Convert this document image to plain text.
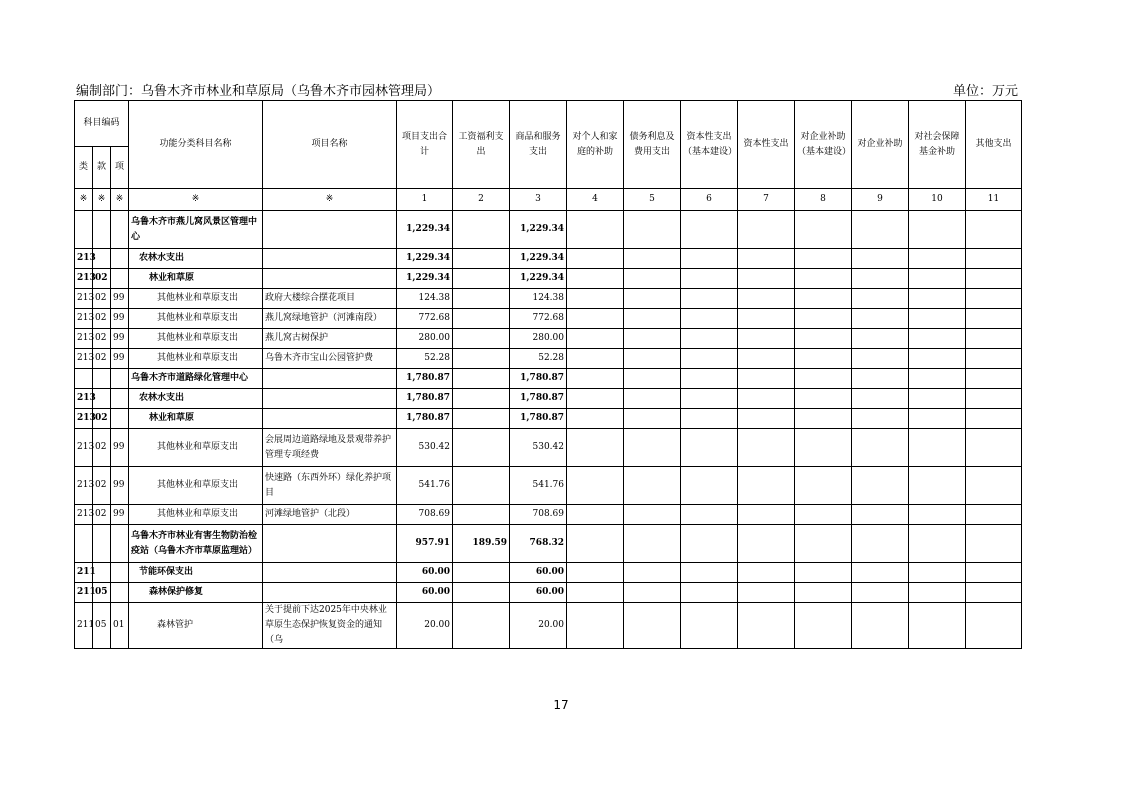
编制部门：乌鲁木齐市林业和草原局（乌鲁木齐市园林管理局）	单位：万元
科目编码			功能分类科目名称	项目名称	项目支出合计	工资福利支出	商品和服务支出	对个人和家庭的补助	债务利息及费用支出	资本性支出（基本建设）	资本性支出	对企业补助（基本建设）	对企业补助	对社会保障基金补助	其他支出
类	款	项													
※	※	※	※	※	1	2	3	4	5	6	7	8	9	10	11
			乌鲁木齐市燕儿窝风景区管理中心		1,229.34		1,229.34								
213			农林水支出		1,229.34		1,229.34								
213	02		林业和草原		1,229.34		1,229.34								
213	02	99	其他林业和草原支出	政府大楼综合摆花项目	124.38		124.38								
213	02	99	其他林业和草原支出	燕儿窝绿地管护（河滩南段）	772.68		772.68								
213	02	99	其他林业和草原支出	燕儿窝古树保护	280.00		280.00								
213	02	99	其他林业和草原支出	乌鲁木齐市宝山公园管护费	52.28		52.28								
			乌鲁木齐市道路绿化管理中心		1,780.87		1,780.87								
213			农林水支出		1,780.87		1,780.87								
213	02		林业和草原		1,780.87		1,780.87								
213	02	99	其他林业和草原支出	会展周边道路绿地及景观带养护管理专项经费	530.42		530.42								
213	02	99	其他林业和草原支出	快速路（东西外环）绿化养护项目	541.76		541.76								
213	02	99	其他林业和草原支出	河滩绿地管护（北段）	708.69		708.69								
			乌鲁木齐市林业有害生物防治检疫站（乌鲁木齐市草原监理站）		957.91	189.59	768.32								
211			节能环保支出		60.00		60.00								
211	05		森林保护修复		60.00		60.00								
211	05	01	森林管护	关于提前下达2025年中央林业草原生态保护恢复资金的通知（乌	20.00		20.00								
17
